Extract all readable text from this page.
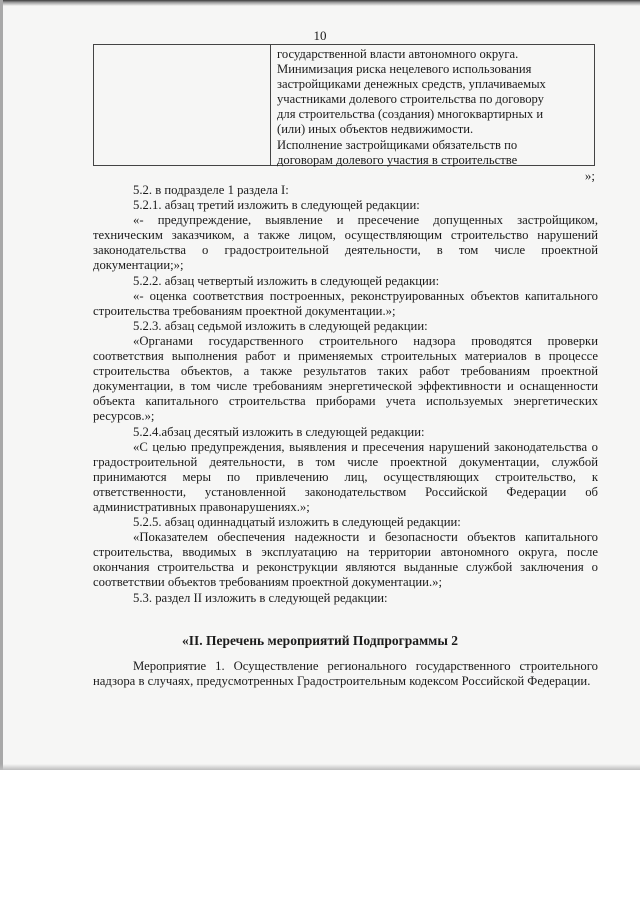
10

государственной власти автономного округа.

Минимизация риска нецелевого использования

застройщиками денежных средств, уплачиваемых

участниками долевого строительства по договору

для строительства (создания) многоквартирных и

(или) иных объектов недвижимости.

Исполнение застройщиками обязательств по

договорам долевого участия в строительстве

»;

5.2. в подразделе 1 раздела I:

5.2.1. абзац третий изложить в следующей редакции:

«- предупреждение, выявление и пресечение допущенных застройщиком, техническим заказчиком, а также лицом, осуществляющим строительство нарушений законодательства о градостроительной деятельности, в том числе проектной документации;»;

5.2.2. абзац четвертый изложить в следующей редакции:

«- оценка соответствия построенных, реконструированных объектов капитального строительства требованиям проектной документации.»;

5.2.3. абзац седьмой изложить в следующей редакции:

«Органами государственного строительного надзора проводятся проверки соответствия выполнения работ и применяемых строительных материалов в процессе строительства объектов, а также результатов таких работ требованиям проектной документации, в том числе требованиям энергетической эффективности и оснащенности объекта капитального строительства приборами учета используемых энергетических ресурсов.»;

5.2.4.абзац десятый изложить в следующей редакции:

«С целью предупреждения, выявления и пресечения нарушений законодательства о градостроительной деятельности, в том числе проектной документации, службой принимаются меры по привлечению лиц, осуществляющих строительство, к ответственности, установленной законодательством Российской Федерации об административных правонарушениях.»;

5.2.5. абзац одиннадцатый изложить в следующей редакции:

«Показателем обеспечения надежности и безопасности объектов капитального строительства, вводимых в эксплуатацию на территории автономного округа, после окончания строительства и реконструкции являются выданные службой заключения о соответствии объектов требованиям проектной документации.»;

5.3. раздел II изложить в следующей редакции:

«II. Перечень мероприятий Подпрограммы 2

Мероприятие 1. Осуществление регионального государственного строительного надзора в случаях, предусмотренных Градостроительным кодексом Российской Федерации.
